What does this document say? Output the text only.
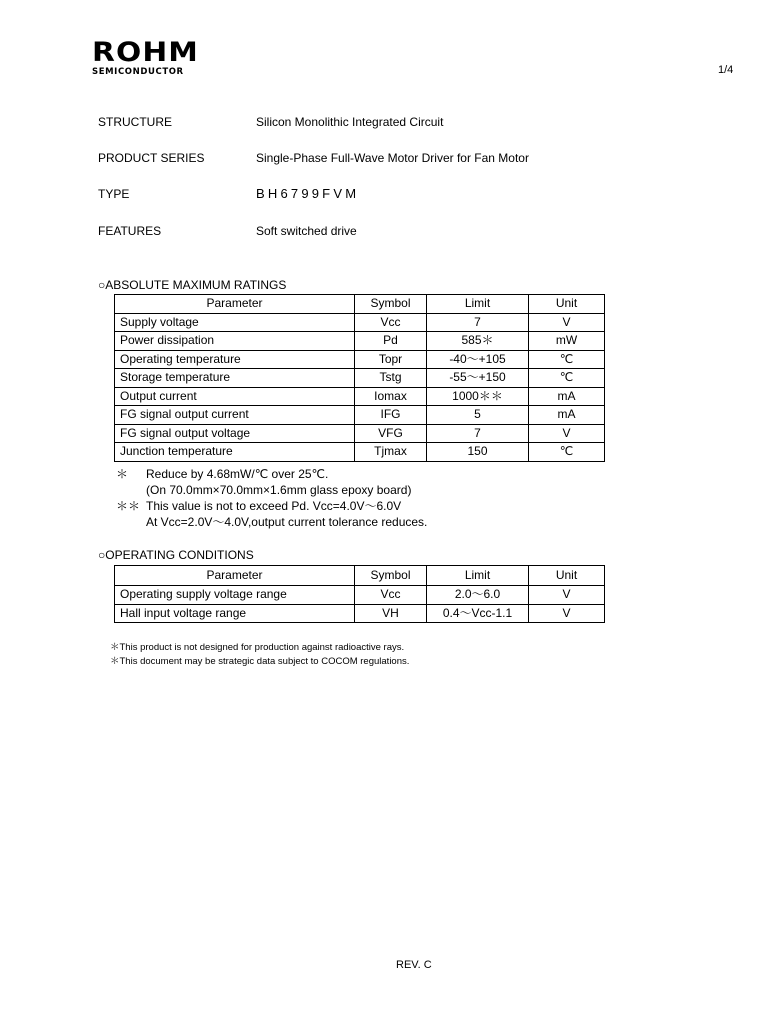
ROHM
SEMICONDUCTOR	1/4
STRUCTURE	Silicon Monolithic Integrated Circuit
PRODUCT SERIES	Single-Phase Full-Wave Motor Driver for Fan Motor
TYPE	BH6799FVM
FEATURES	Soft switched drive
○ABSOLUTE MAXIMUM RATINGS
Parameter	Symbol	Limit	Unit
Supply voltage	Vcc	7	V
Power dissipation	Pd	585＊	mW
Operating temperature	Topr	-40～+105	℃
Storage temperature	Tstg	-55～+150	℃
Output current	Iomax	1000＊＊	mA
FG signal output current	IFG	5	mA
FG signal output voltage	VFG	7	V
Junction temperature	Tjmax	150	℃
＊	Reduce by 4.68mW/℃ over 25℃.
(On 70.0mm×70.0mm×1.6mm glass epoxy board)
＊＊ This value is not to exceed Pd. Vcc=4.0V～6.0V
At Vcc=2.0V～4.0V,output current tolerance reduces.
○OPERATING CONDITIONS
Parameter	Symbol	Limit	Unit
Operating supply voltage range	Vcc	2.0～6.0	V
Hall input voltage range	VH	0.4～Vcc-1.1	V
＊This product is not designed for production against radioactive rays.
＊This document may be strategic data subject to COCOM regulations.
REV. C
